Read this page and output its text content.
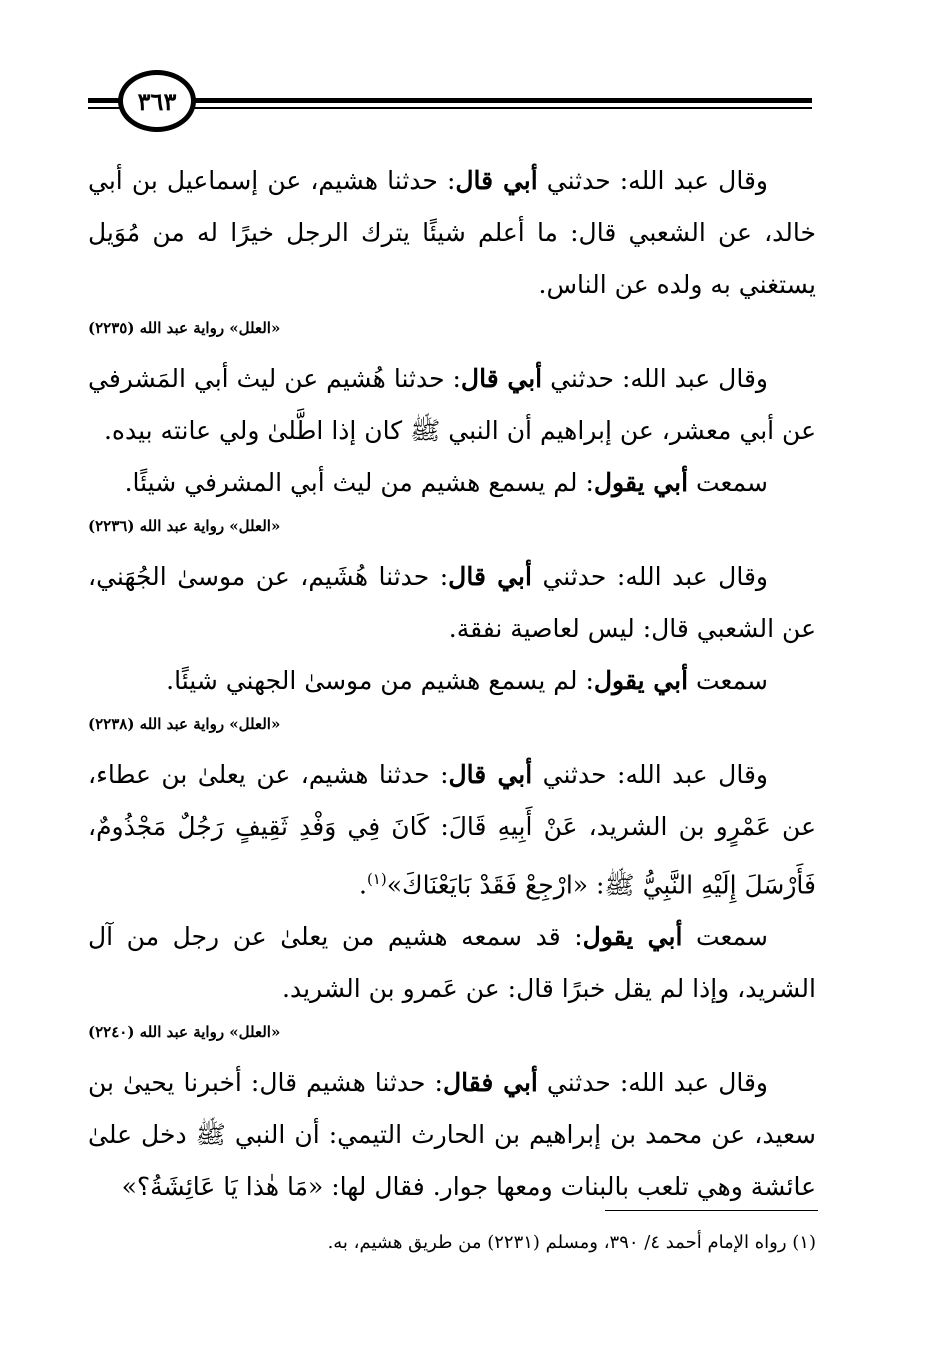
٣٦٣

وقال عبد الله: حدثني أبي قال: حدثنا هشيم، عن إسماعيل بن أبي خالد، عن الشعبي قال: ما أعلم شيئًا يترك الرجل خيرًا له من مُوَيل يستغني به ولده عن الناس.

«العلل» رواية عبد الله (٢٢٣٥)

وقال عبد الله: حدثني أبي قال: حدثنا هُشيم عن ليث أبي المَشرفي عن أبي معشر، عن إبراهيم أن النبي ﷺ كان إذا اطَّلىٰ ولي عانته بيده.

سمعت أبي يقول: لم يسمع هشيم من ليث أبي المشرفي شيئًا.

«العلل» رواية عبد الله (٢٢٣٦)

وقال عبد الله: حدثني أبي قال: حدثنا هُشَيم، عن موسىٰ الجُهَني، عن الشعبي قال: ليس لعاصية نفقة.

سمعت أبي يقول: لم يسمع هشيم من موسىٰ الجهني شيئًا.

«العلل» رواية عبد الله (٢٢٣٨)

وقال عبد الله: حدثني أبي قال: حدثنا هشيم، عن يعلىٰ بن عطاء، عن عَمْرٍو بن الشريد، عَنْ أَبِيهِ قَالَ: كَانَ فِي وَفْدِ ثَقِيفٍ رَجُلٌ مَجْذُومٌ، فَأَرْسَلَ إِلَيْهِ النَّبِيُّ ﷺ: «ارْجِعْ فَقَدْ بَايَعْنَاكَ»$^{(١)}$.

سمعت أبي يقول: قد سمعه هشيم من يعلىٰ عن رجل من آل الشريد، وإذا لم يقل خبرًا قال: عن عَمرو بن الشريد.

«العلل» رواية عبد الله (٢٢٤٠)

وقال عبد الله: حدثني أبي فقال: حدثنا هشيم قال: أخبرنا يحيىٰ بن سعيد، عن محمد بن إبراهيم بن الحارث التيمي: أن النبي ﷺ دخل علىٰ عائشة وهي تلعب بالبنات ومعها جوار. فقال لها: «مَا هٰذا يَا عَائِشَةُ؟»

(١) رواه الإمام أحمد ٤/ ٣٩٠، ومسلم (٢٢٣١) من طريق هشيم، به.
